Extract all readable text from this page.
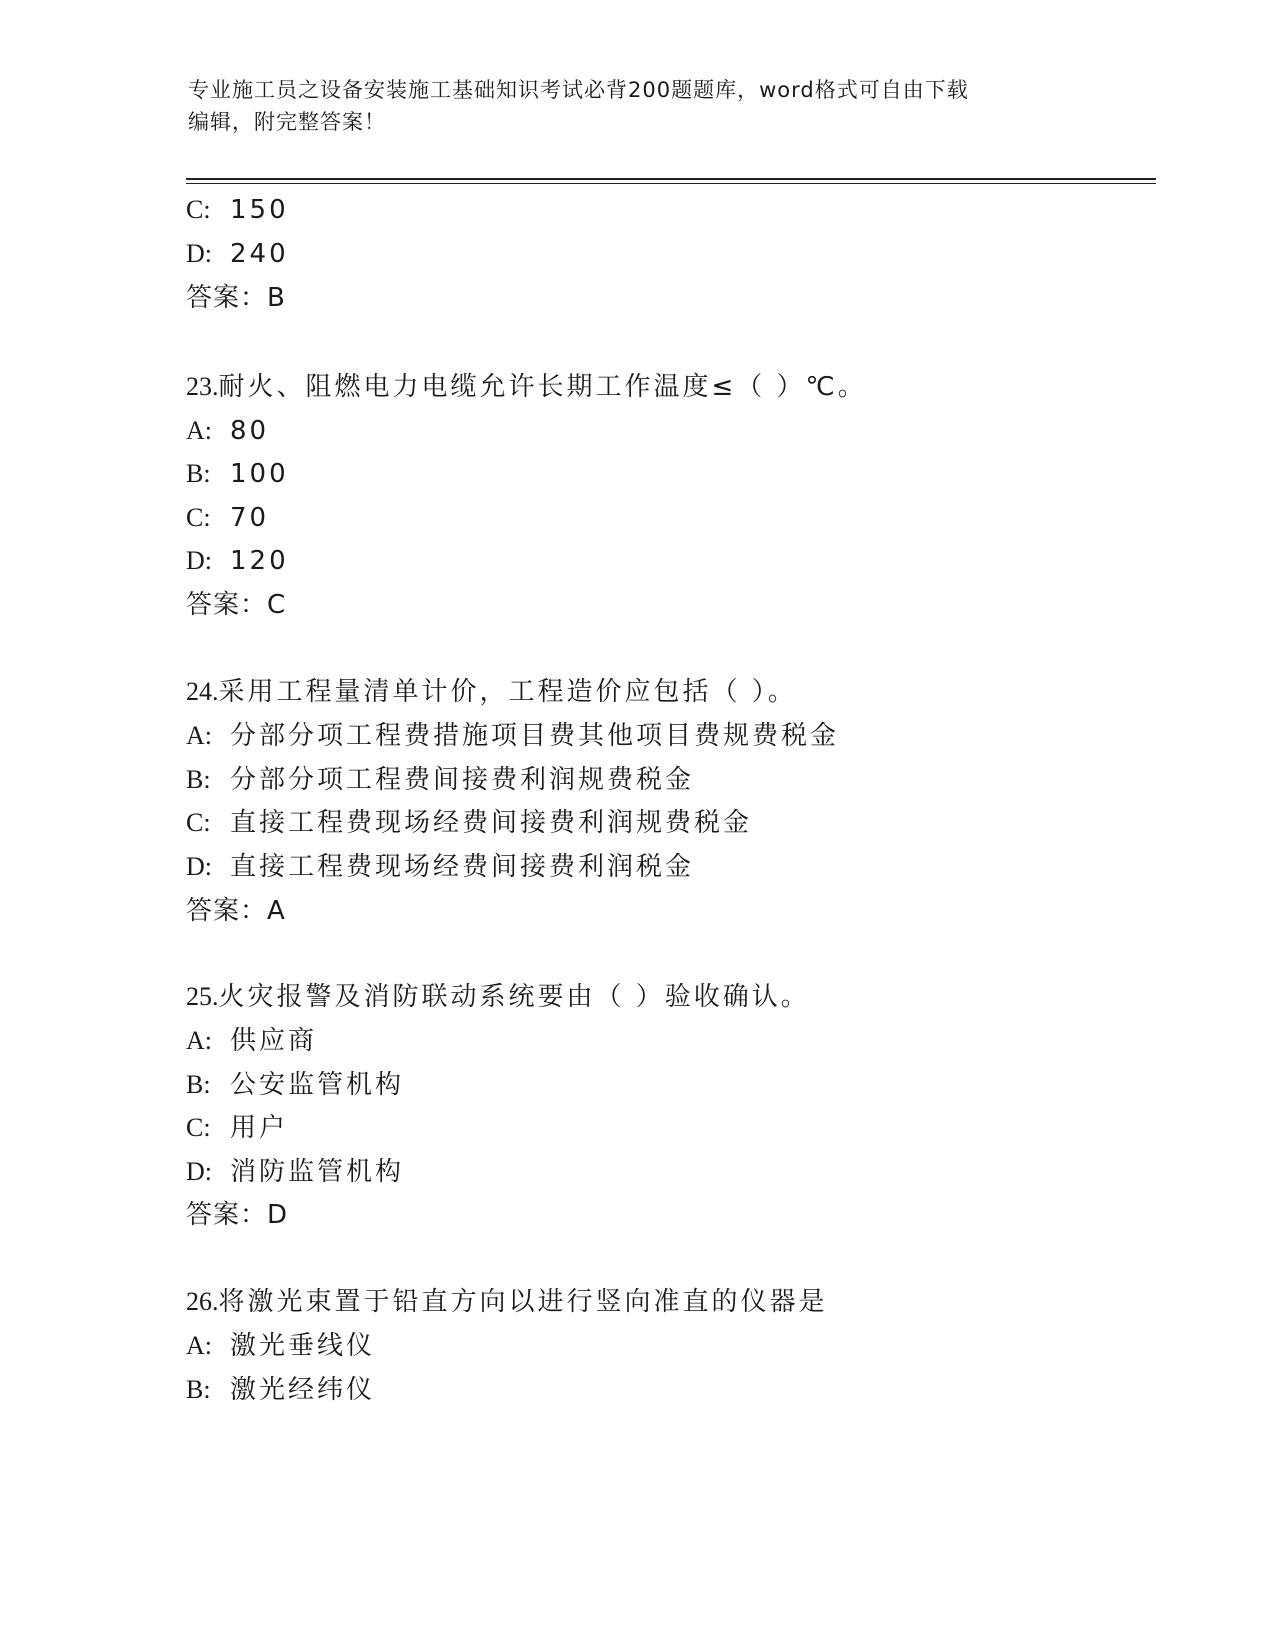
专业施工员之设备安装施工基础知识考试必背200题题库，word格式可自由下载
编辑，附完整答案！
C: 150
D: 240
答案：B
23.耐火、阻燃电力电缆允许长期工作温度≤（ ）℃。
A: 80
B: 100
C: 70
D: 120
答案：C
24.采用工程量清单计价，工程造价应包括（ ）。
A: 分部分项工程费措施项目费其他项目费规费税金
B: 分部分项工程费间接费利润规费税金
C: 直接工程费现场经费间接费利润规费税金
D: 直接工程费现场经费间接费利润税金
答案：A
25.火灾报警及消防联动系统要由（ ）验收确认。
A: 供应商
B: 公安监管机构
C: 用户
D: 消防监管机构
答案：D
26.将激光束置于铅直方向以进行竖向准直的仪器是
A: 激光垂线仪
B: 激光经纬仪
